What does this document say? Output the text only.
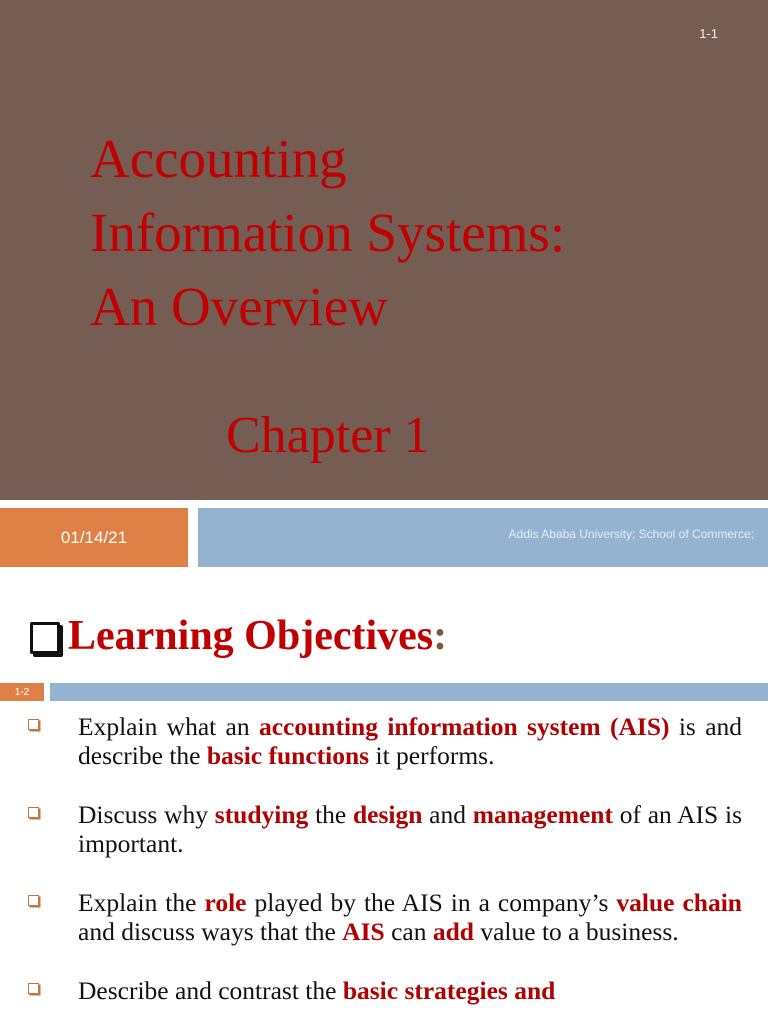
1-1
Accounting
Information Systems:
An Overview
Chapter 1
01/14/21	Addis Ababa University; School of Commerce;
Learning Objectives :
1-2
Explain what an accounting information system (AIS) is and describe the basic functions it performs.
Discuss why studying the design and management of an AIS is important.
Explain the role played by the AIS in a company’s value chain and discuss ways that the AIS can add value to a business.
Describe and contrast the basic strategies and
